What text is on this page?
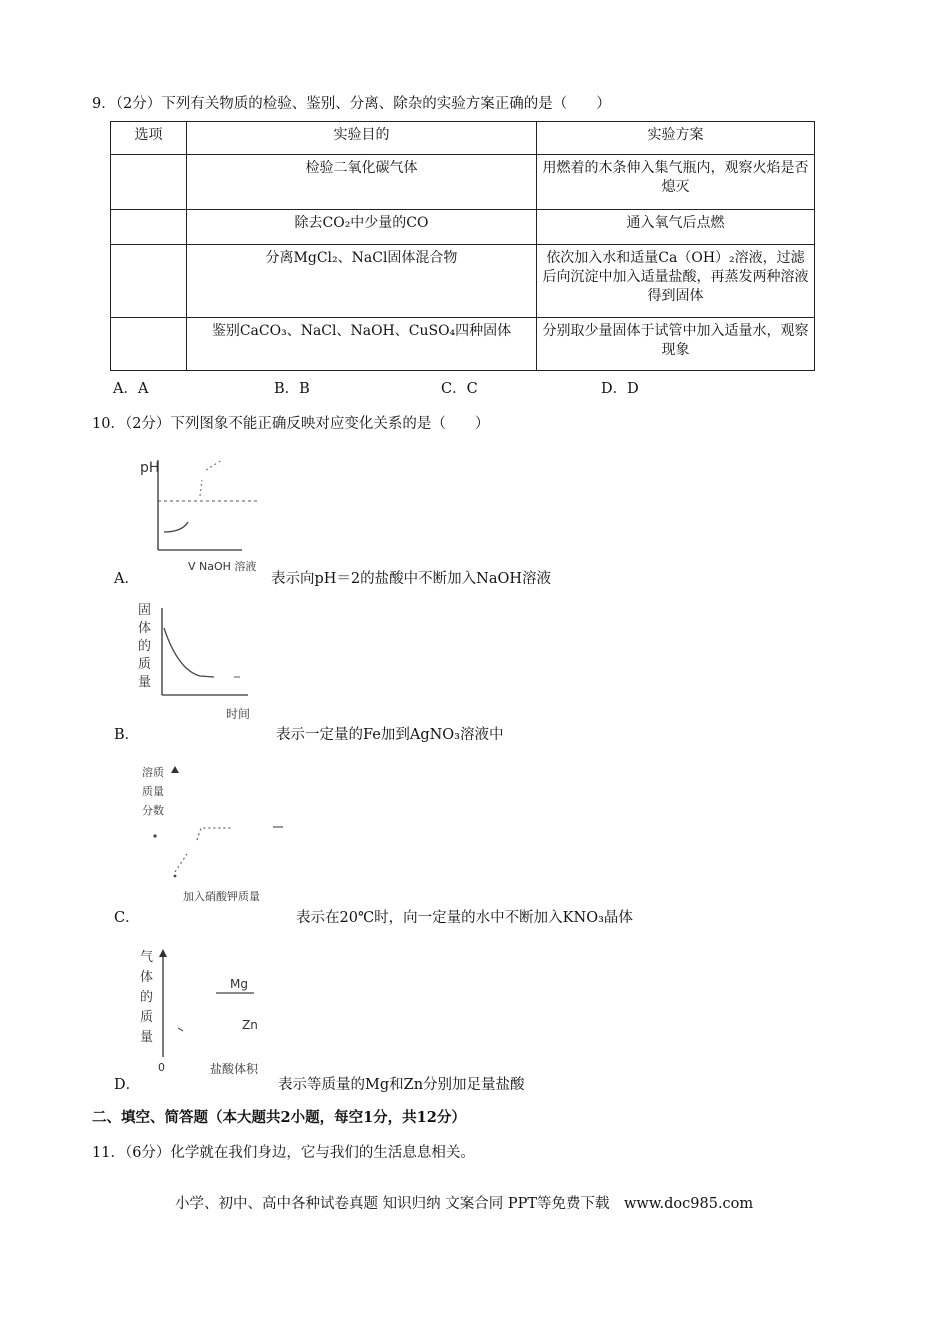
9．（2分）下列有关物质的检验、鉴别、分离、除杂的实验方案正确的是（　　）
选项	实验目的	实验方案
	检验二氧化碳气体	用燃着的木条伸入集气瓶内，观察火焰是否熄灭
	除去CO₂中少量的CO	通入氧气后点燃
	分离MgCl₂、NaCl固体混合物	依次加入水和适量Ca（OH）₂溶液，过滤后向沉淀中加入适量盐酸，再蒸发两种溶液得到固体
	鉴别CaCO₃、NaCl、NaOH、CuSO₄四种固体	分别取少量固体于试管中加入适量水，观察现象
A．A	B．B	C．C	D．D
10．（2分）下列图象不能正确反映对应变化关系的是（　　）
pH
V NaOH 溶液
A．	表示向pH＝2的盐酸中不断加入NaOH溶液
固
体
的
质
量
时间
B．	表示一定量的Fe加到AgNO₃溶液中
溶质
质量
分数
加入硝酸钾质量
C．	表示在20℃时，向一定量的水中不断加入KNO₃晶体
气
体
的
质
量
Mg
Zn
0	盐酸体积
D．	表示等质量的Mg和Zn分别加足量盐酸
二、填空、简答题（本大题共2小题，每空1分，共12分）
11．（6分）化学就在我们身边，它与我们的生活息息相关。
小学、初中、高中各种试卷真题 知识归纳 文案合同 PPT等免费下载　www.doc985.com
